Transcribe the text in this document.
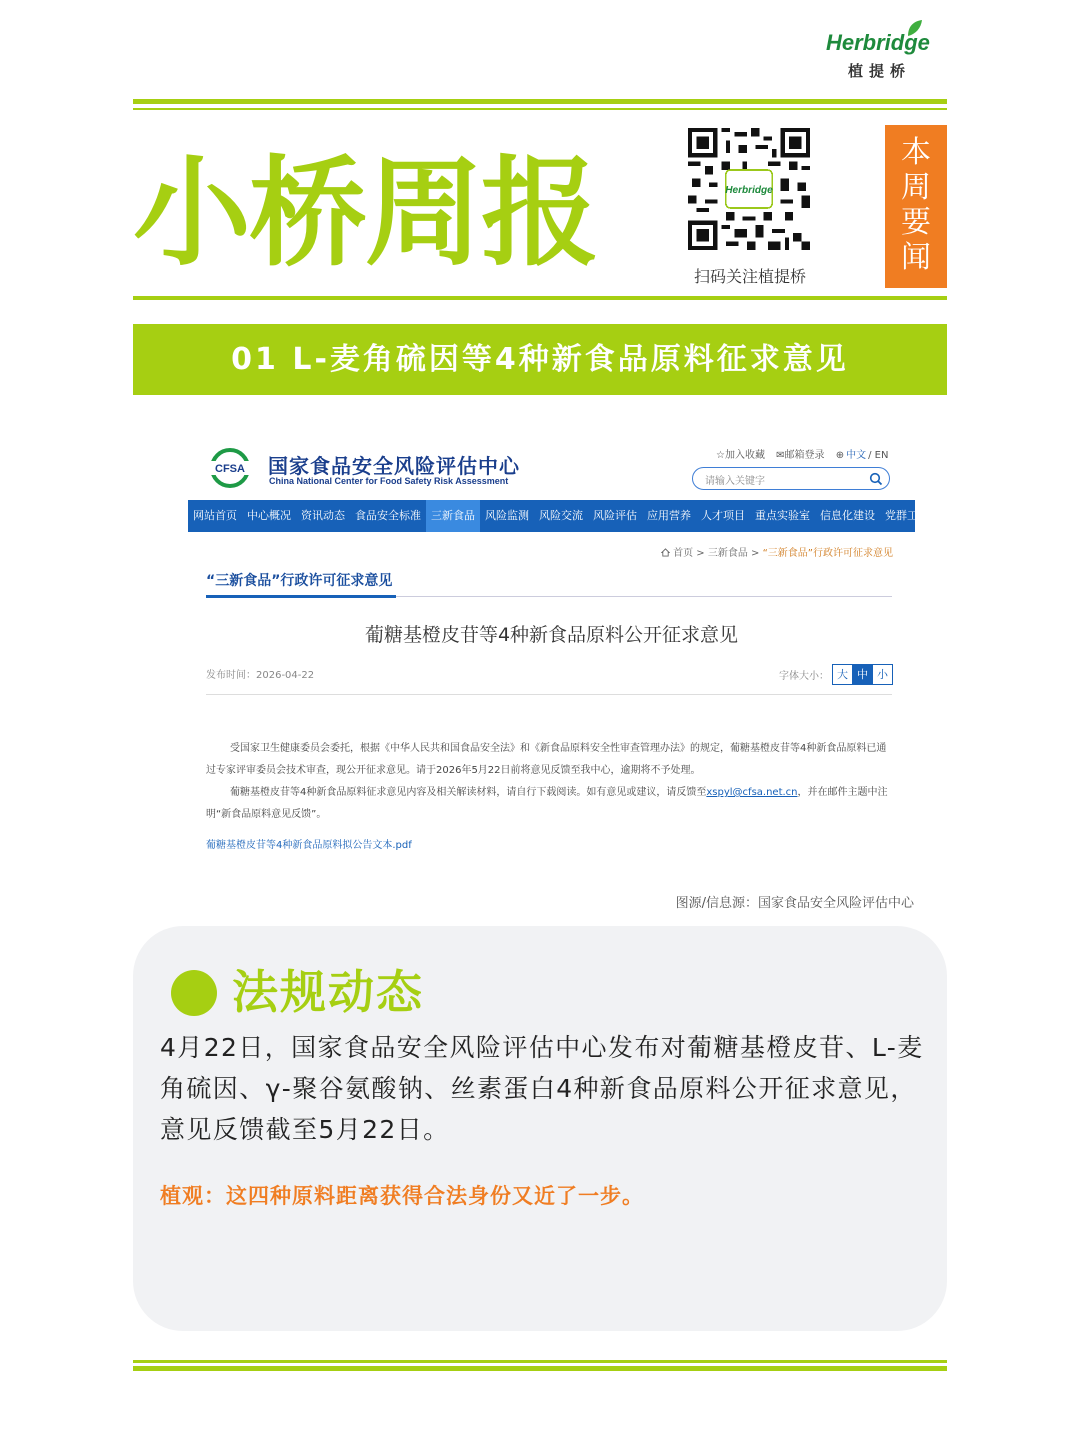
Herbridge
植提桥
小桥周报	Herbridge
扫码关注植提桥
本
周
要
闻
01 L-麦角硫因等4种新食品原料征求意见
CFSA 国家食品安全风险评估中心
China National Center for Food Safety Risk Assessment
☆加入收藏 ✉邮箱登录 ⊕ 中文 / EN
请输入关键字
网站首页 中心概况 资讯动态 食品安全标准 三新食品 风险监测 风险交流 风险评估 应用营养 人才项目 重点实验室 信息化建设 党群工作
首页 > 三新食品 > “三新食品”行政许可征求意见
“三新食品”行政许可征求意见
葡糖基橙皮苷等4种新食品原料公开征求意见
发布时间：2026-04-22	字体大小： 大 中 小
受国家卫生健康委员会委托，根据《中华人民共和国食品安全法》和《新食品原料安全性审查管理办法》的规定，葡糖基橙皮苷等4种新食品原料已通过专家评审委员会技术审查，现公开征求意见。请于2026年5月22日前将意见反馈至我中心，逾期将不予处理。
葡糖基橙皮苷等4种新食品原料征求意见内容及相关解读材料，请自行下载阅读。如有意见或建议，请反馈至xspyl@cfsa.net.cn，并在邮件主题中注明“新食品原料意见反馈”。
葡糖基橙皮苷等4种新食品原料拟公告文本.pdf
图源/信息源：国家食品安全风险评估中心
法规动态
4月22日，国家食品安全风险评估中心发布对葡糖基橙皮苷、L-麦角硫因、γ-聚谷氨酸钠、丝素蛋白4种新食品原料公开征求意见，意见反馈截至5月22日。
植观：这四种原料距离获得合法身份又近了一步。
